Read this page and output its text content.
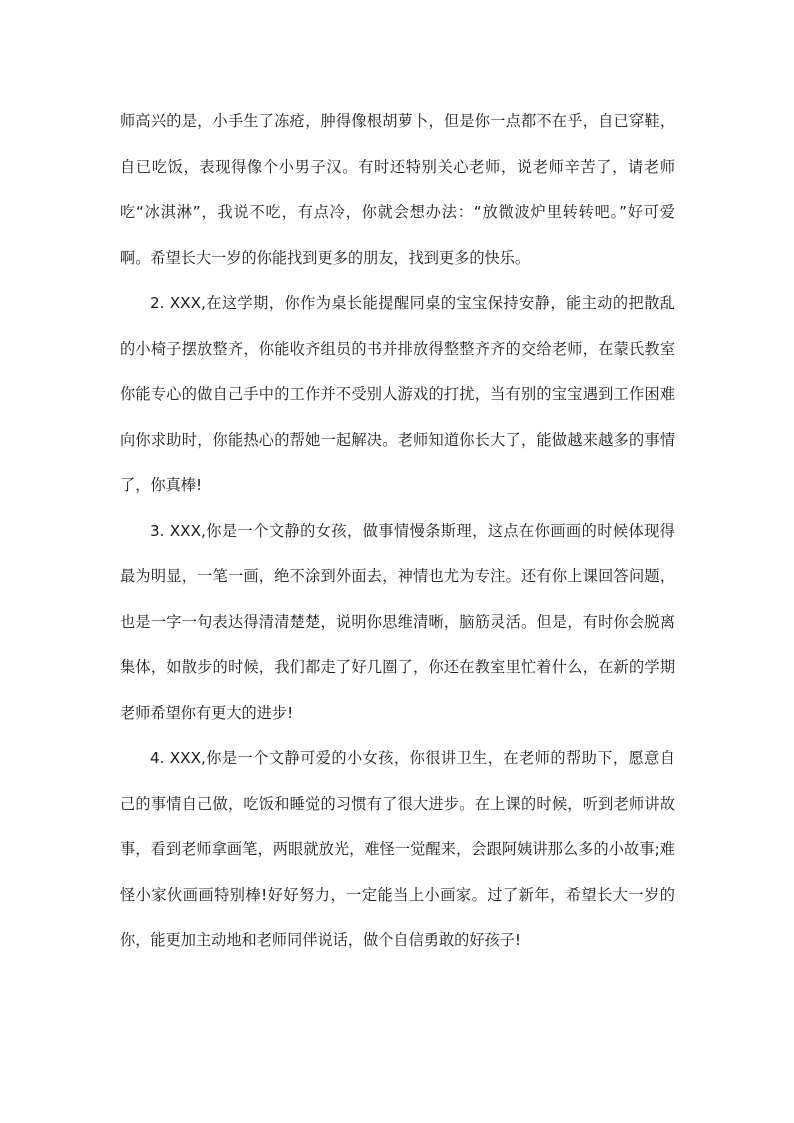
师高兴的是，小手生了冻疮，肿得像根胡萝卜，但是你一点都不在乎，自已穿鞋，自已吃饭，表现得像个小男子汉。有时还特别关心老师，说老师辛苦了，请老师吃“冰淇淋”，我说不吃，有点冷，你就会想办法：“放微波炉里转转吧。”好可爱啊。希望长大一岁的你能找到更多的朋友，找到更多的快乐。

2. XXX,在这学期，你作为桌长能提醒同桌的宝宝保持安静，能主动的把散乱的小椅子摆放整齐，你能收齐组员的书并排放得整整齐齐的交给老师，在蒙氏教室你能专心的做自己手中的工作并不受别人游戏的打扰，当有别的宝宝遇到工作困难向你求助时，你能热心的帮她一起解决。老师知道你长大了，能做越来越多的事情了，你真棒!

3. XXX,你是一个文静的女孩，做事情慢条斯理，这点在你画画的时候体现得最为明显，一笔一画，绝不涂到外面去，神情也尤为专注。还有你上课回答问题，也是一字一句表达得清清楚楚，说明你思维清晰，脑筋灵活。但是，有时你会脱离集体，如散步的时候，我们都走了好几圈了，你还在教室里忙着什么，在新的学期老师希望你有更大的进步!

4. XXX,你是一个文静可爱的小女孩，你很讲卫生，在老师的帮助下，愿意自己的事情自己做，吃饭和睡觉的习惯有了很大进步。在上课的时候，听到老师讲故事，看到老师拿画笔，两眼就放光，难怪一觉醒来，会跟阿姨讲那么多的小故事;难怪小家伙画画特别棒!好好努力，一定能当上小画家。过了新年，希望长大一岁的你，能更加主动地和老师同伴说话，做个自信勇敢的好孩子!
